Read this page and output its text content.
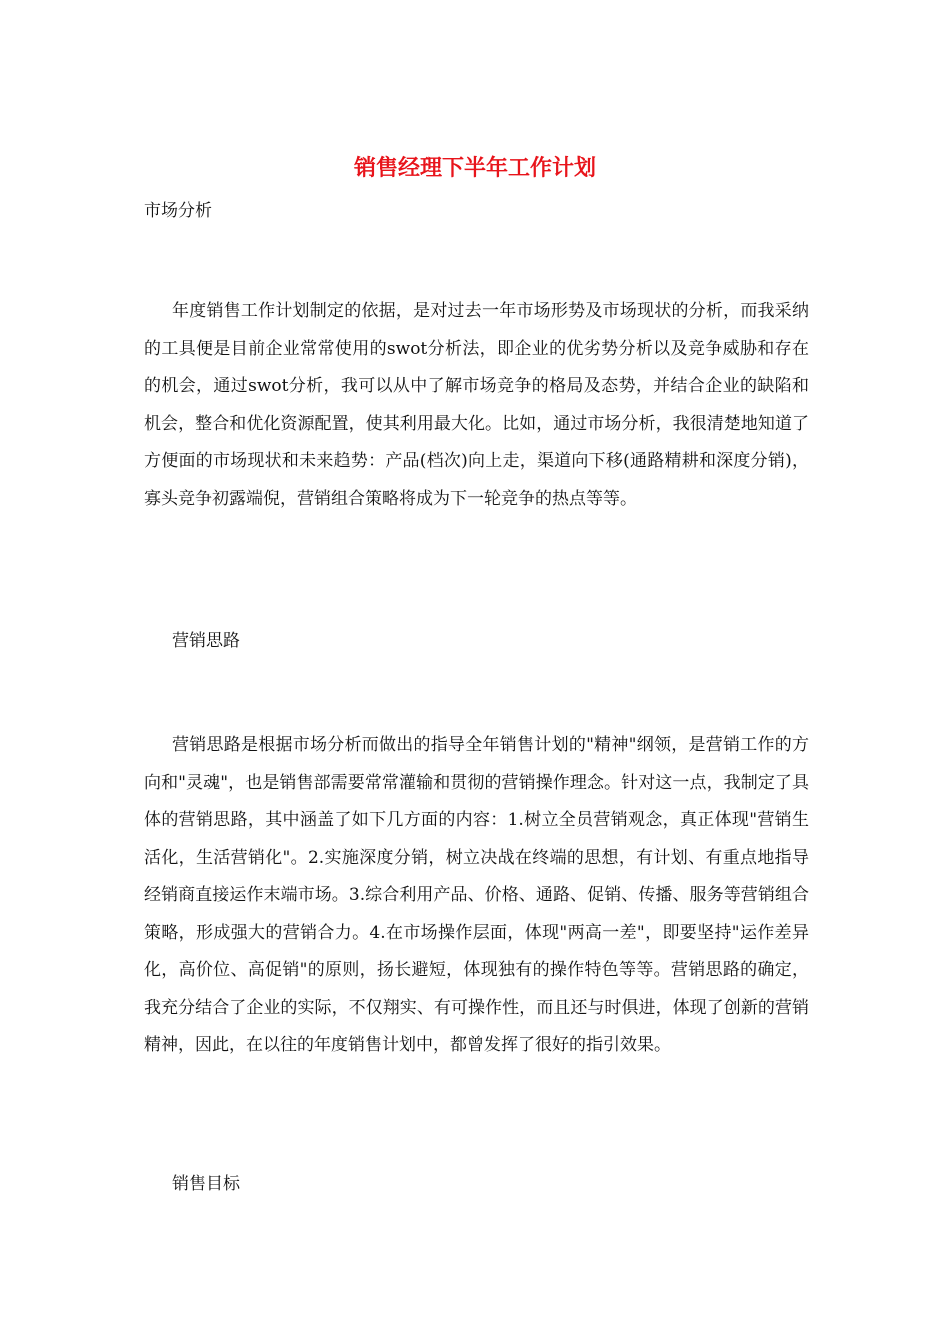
销售经理下半年工作计划

市场分析

年度销售工作计划制定的依据，是对过去一年市场形势及市场现状的分析，而我采纳的工具便是目前企业常常使用的swot分析法，即企业的优劣势分析以及竞争威胁和存在的机会，通过swot分析，我可以从中了解市场竞争的格局及态势，并结合企业的缺陷和机会，整合和优化资源配置，使其利用最大化。比如，通过市场分析，我很清楚地知道了方便面的市场现状和未来趋势：产品(档次)向上走，渠道向下移(通路精耕和深度分销)，寡头竞争初露端倪，营销组合策略将成为下一轮竞争的热点等等。

营销思路

营销思路是根据市场分析而做出的指导全年销售计划的"精神"纲领，是营销工作的方向和"灵魂"，也是销售部需要常常灌输和贯彻的营销操作理念。针对这一点，我制定了具体的营销思路，其中涵盖了如下几方面的内容：1.树立全员营销观念，真正体现"营销生活化，生活营销化"。2.实施深度分销，树立决战在终端的思想，有计划、有重点地指导经销商直接运作末端市场。3.综合利用产品、价格、通路、促销、传播、服务等营销组合策略，形成强大的营销合力。4.在市场操作层面，体现"两高一差"，即要坚持"运作差异化，高价位、高促销"的原则，扬长避短，体现独有的操作特色等等。营销思路的确定，我充分结合了企业的实际，不仅翔实、有可操作性，而且还与时俱进，体现了创新的营销精神，因此，在以往的年度销售计划中，都曾发挥了很好的指引效果。

销售目标
